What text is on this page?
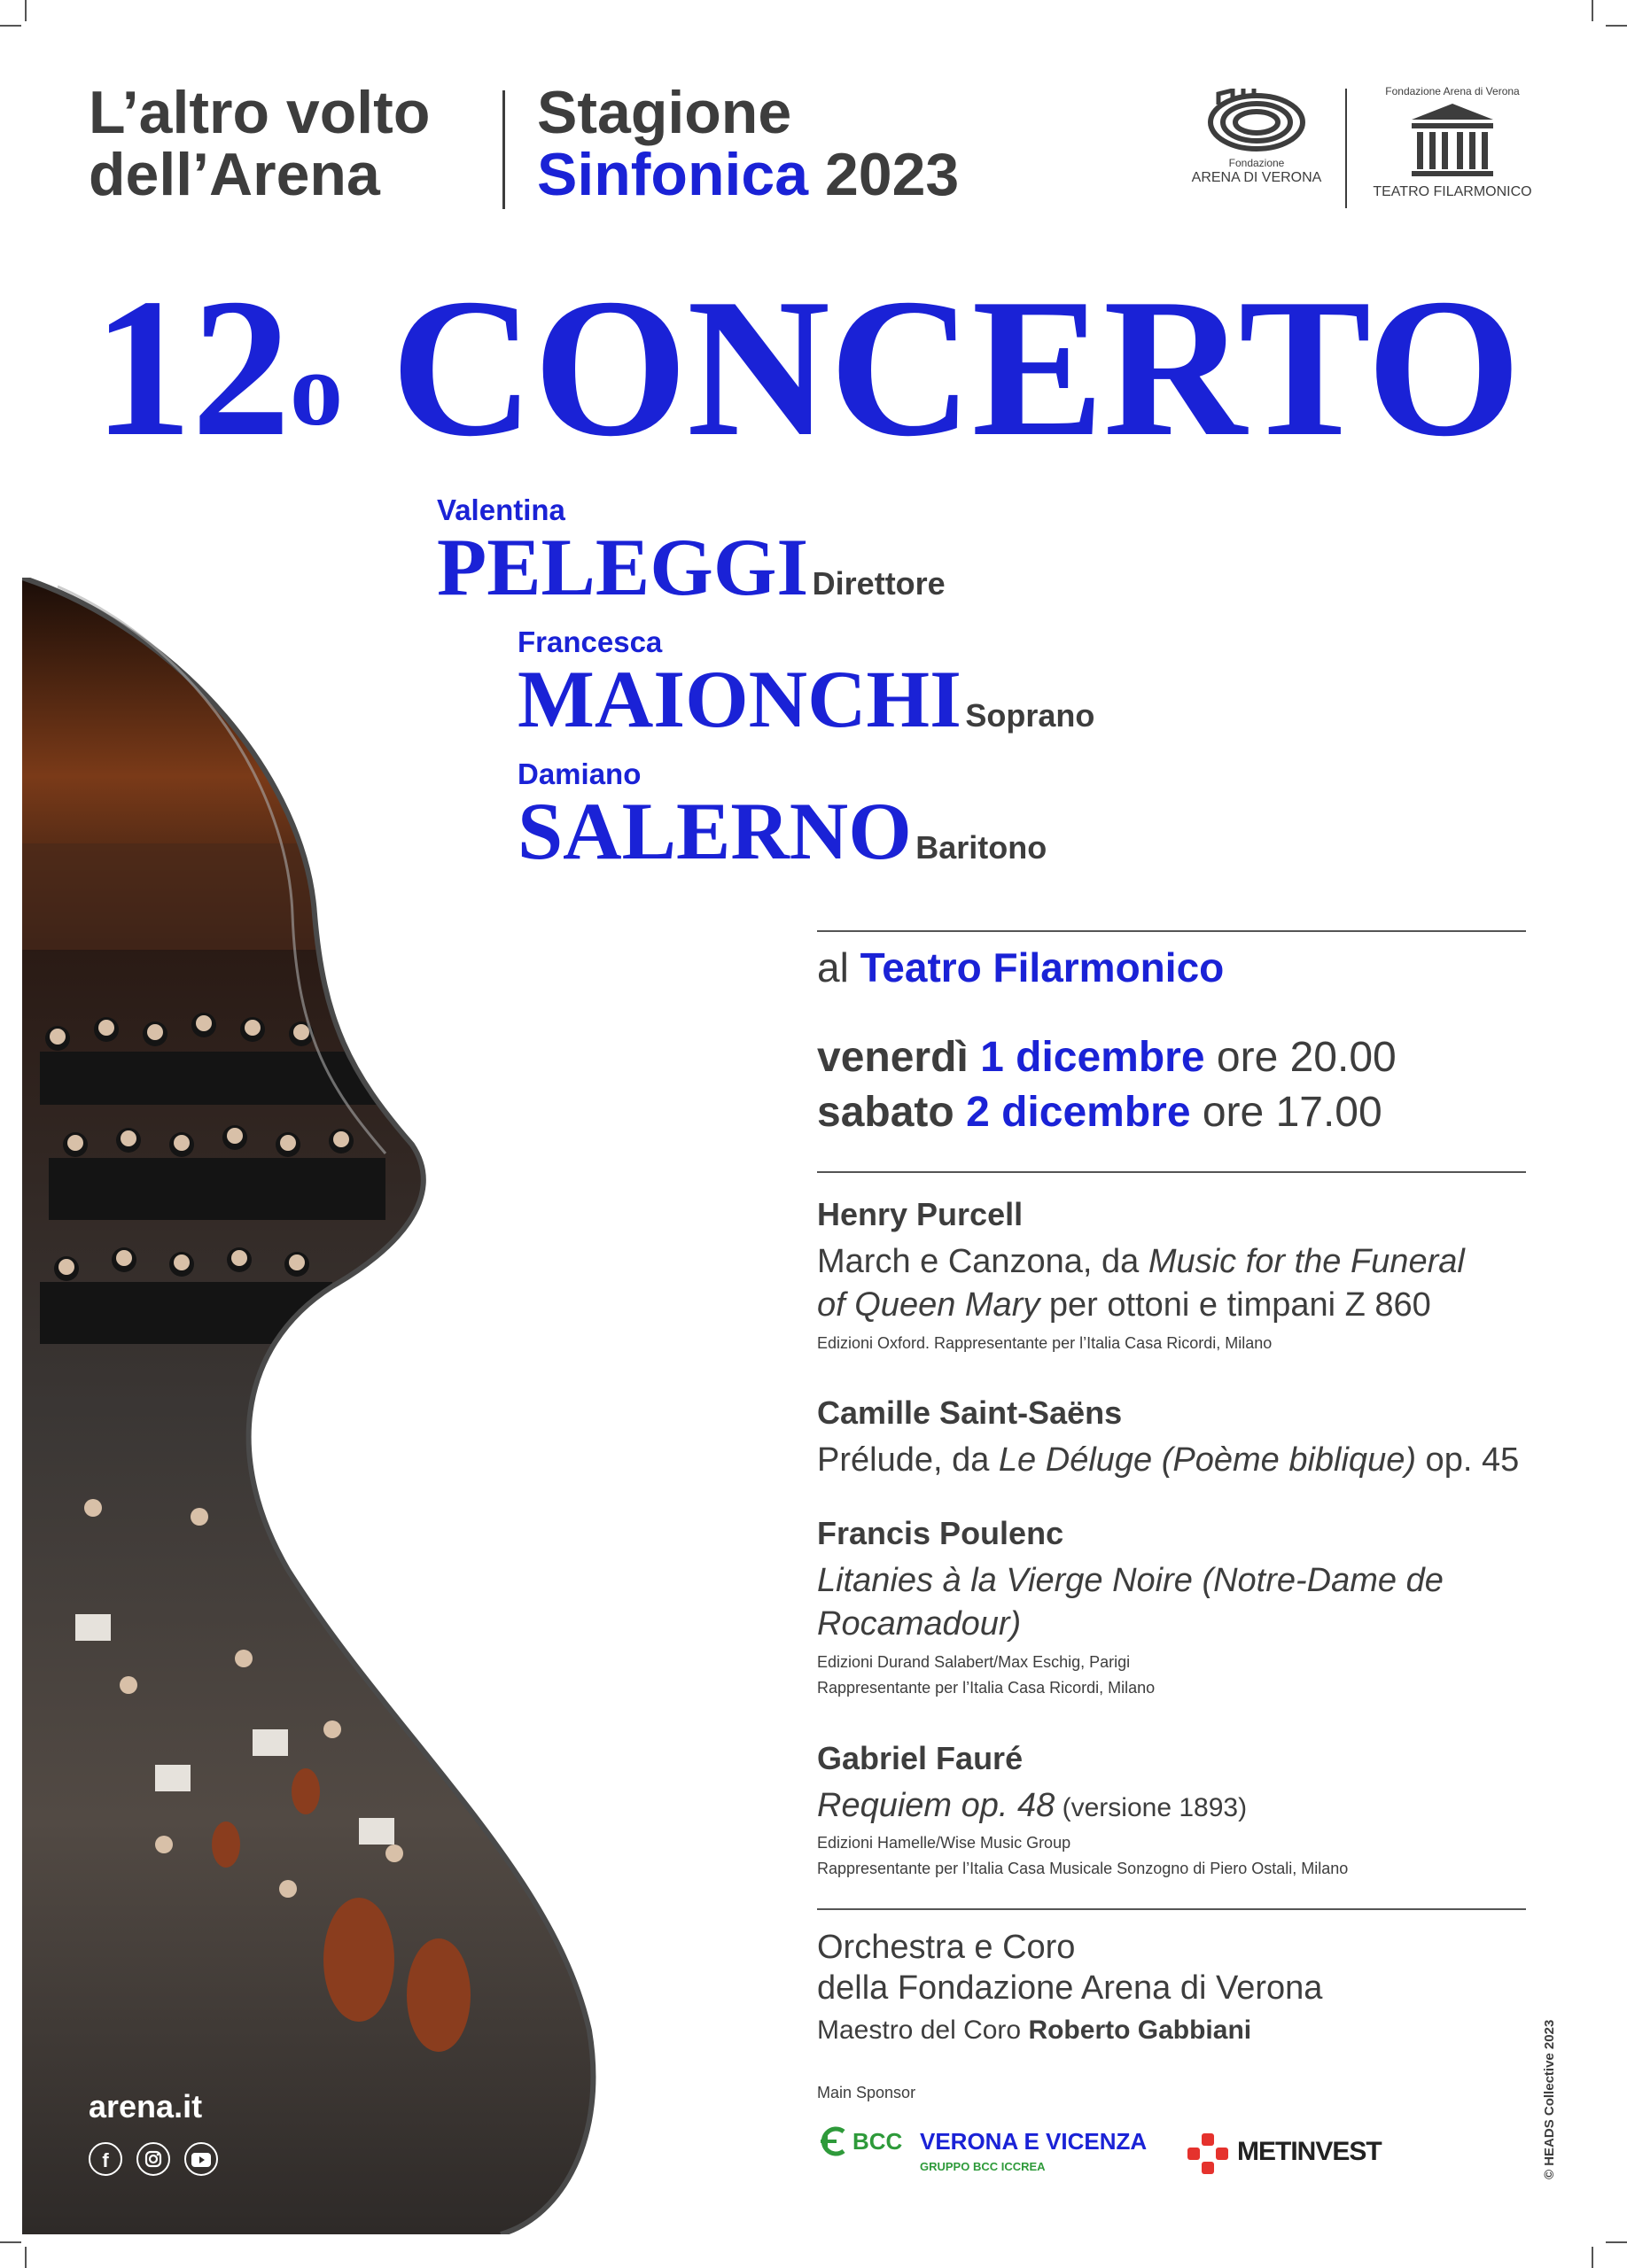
L’altro volto
dell’Arena
Stagione
Sinfonica 2023	Fondazione
ARENA DI VERONA
Fondazione Arena di Verona
TEATRO FILARMONICO
12$^o$ CONCERTO
Valentina
PELEGGI Direttore
Francesca
MAIONCHI Soprano
Damiano
SALERNO Baritono
arena.it
f
al Teatro Filarmonico
venerdì 1 dicembre ore 20.00
sabato 2 dicembre ore 17.00
Henry Purcell
March e Canzona, da Music for the Funeral
of Queen Mary per ottoni e timpani Z 860
Edizioni Oxford. Rappresentante per l’Italia Casa Ricordi, Milano
Camille Saint-Saëns
Prélude, da Le Déluge (Poème biblique) op. 45
Francis Poulenc
Litanies à la Vierge Noire (Notre-Dame de
Rocamadour)
Edizioni Durand Salabert/Max Eschig, Parigi
Rappresentante per l’Italia Casa Ricordi, Milano
Gabriel Fauré
Requiem op. 48 (versione 1893)
Edizioni Hamelle/Wise Music Group
Rappresentante per l’Italia Casa Musicale Sonzogno di Piero Ostali, Milano
Orchestra e Coro
della Fondazione Arena di Verona
Maestro del Coro Roberto Gabbiani
Main Sponsor
BCC VERONA E VICENZA
GRUPPO BCC ICCREA
METINVEST	© HEADS Collective 2023
